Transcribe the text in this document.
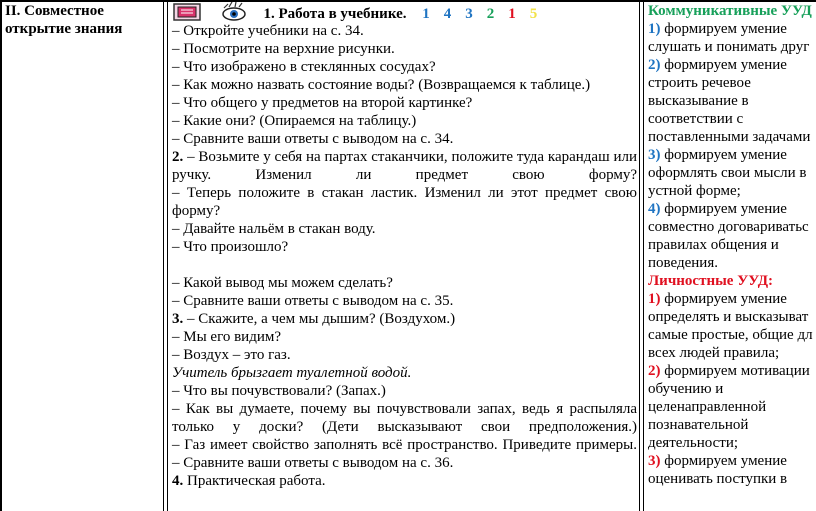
II. Совместное открытие знания
1. Работа в учебнике. 1 4 3 2 1 5
– Откройте учебники на с. 34.
– Посмотрите на верхние рисунки.
– Что изображено в стеклянных сосудах?
– Как можно назвать состояние воды? (Возвращаемся к таблице.)
– Что общего у предметов на второй картинке?
– Какие они? (Опираемся на таблицу.)
– Сравните ваши ответы с выводом на с. 34.
2. – Возьмите у себя на партах стаканчики, положите туда карандаш или ручку. Изменил ли предмет свою форму?
– Теперь положите в стакан ластик. Изменил ли этот предмет свою форму?
– Давайте нальём в стакан воду.
– Что произошло?
– Какой вывод мы можем сделать?
– Сравните ваши ответы с выводом на с. 35.
3. – Скажите, а чем мы дышим? (Воздухом.)
– Мы его видим?
– Воздух – это газ.
Учитель брызгает туалетной водой.
– Что вы почувствовали? (Запах.)
– Как вы думаете, почему вы почувствовали запах, ведь я распыляла только у доски? (Дети высказывают свои предположения.)
– Газ имеет свойство заполнять всё пространство. Приведите примеры.
– Сравните ваши ответы с выводом на с. 36.
4. Практическая работа.
Коммуникативные УУД
1) формируем умение
слушать и понимать друг
2) формируем умение
строить речевое
высказывание в
соответствии с
поставленными задачами
3) формируем умение
оформлять свои мысли в
устной форме;
4) формируем умение
совместно договариватьс
правилах общения и
поведения.
Личностные УУД:
1) формируем умение
определять и высказыват
самые простые, общие дл
всех людей правила;
2) формируем мотивации
обучению и
целенаправленной
познавательной
деятельности;
3) формируем умение
оценивать поступки в
